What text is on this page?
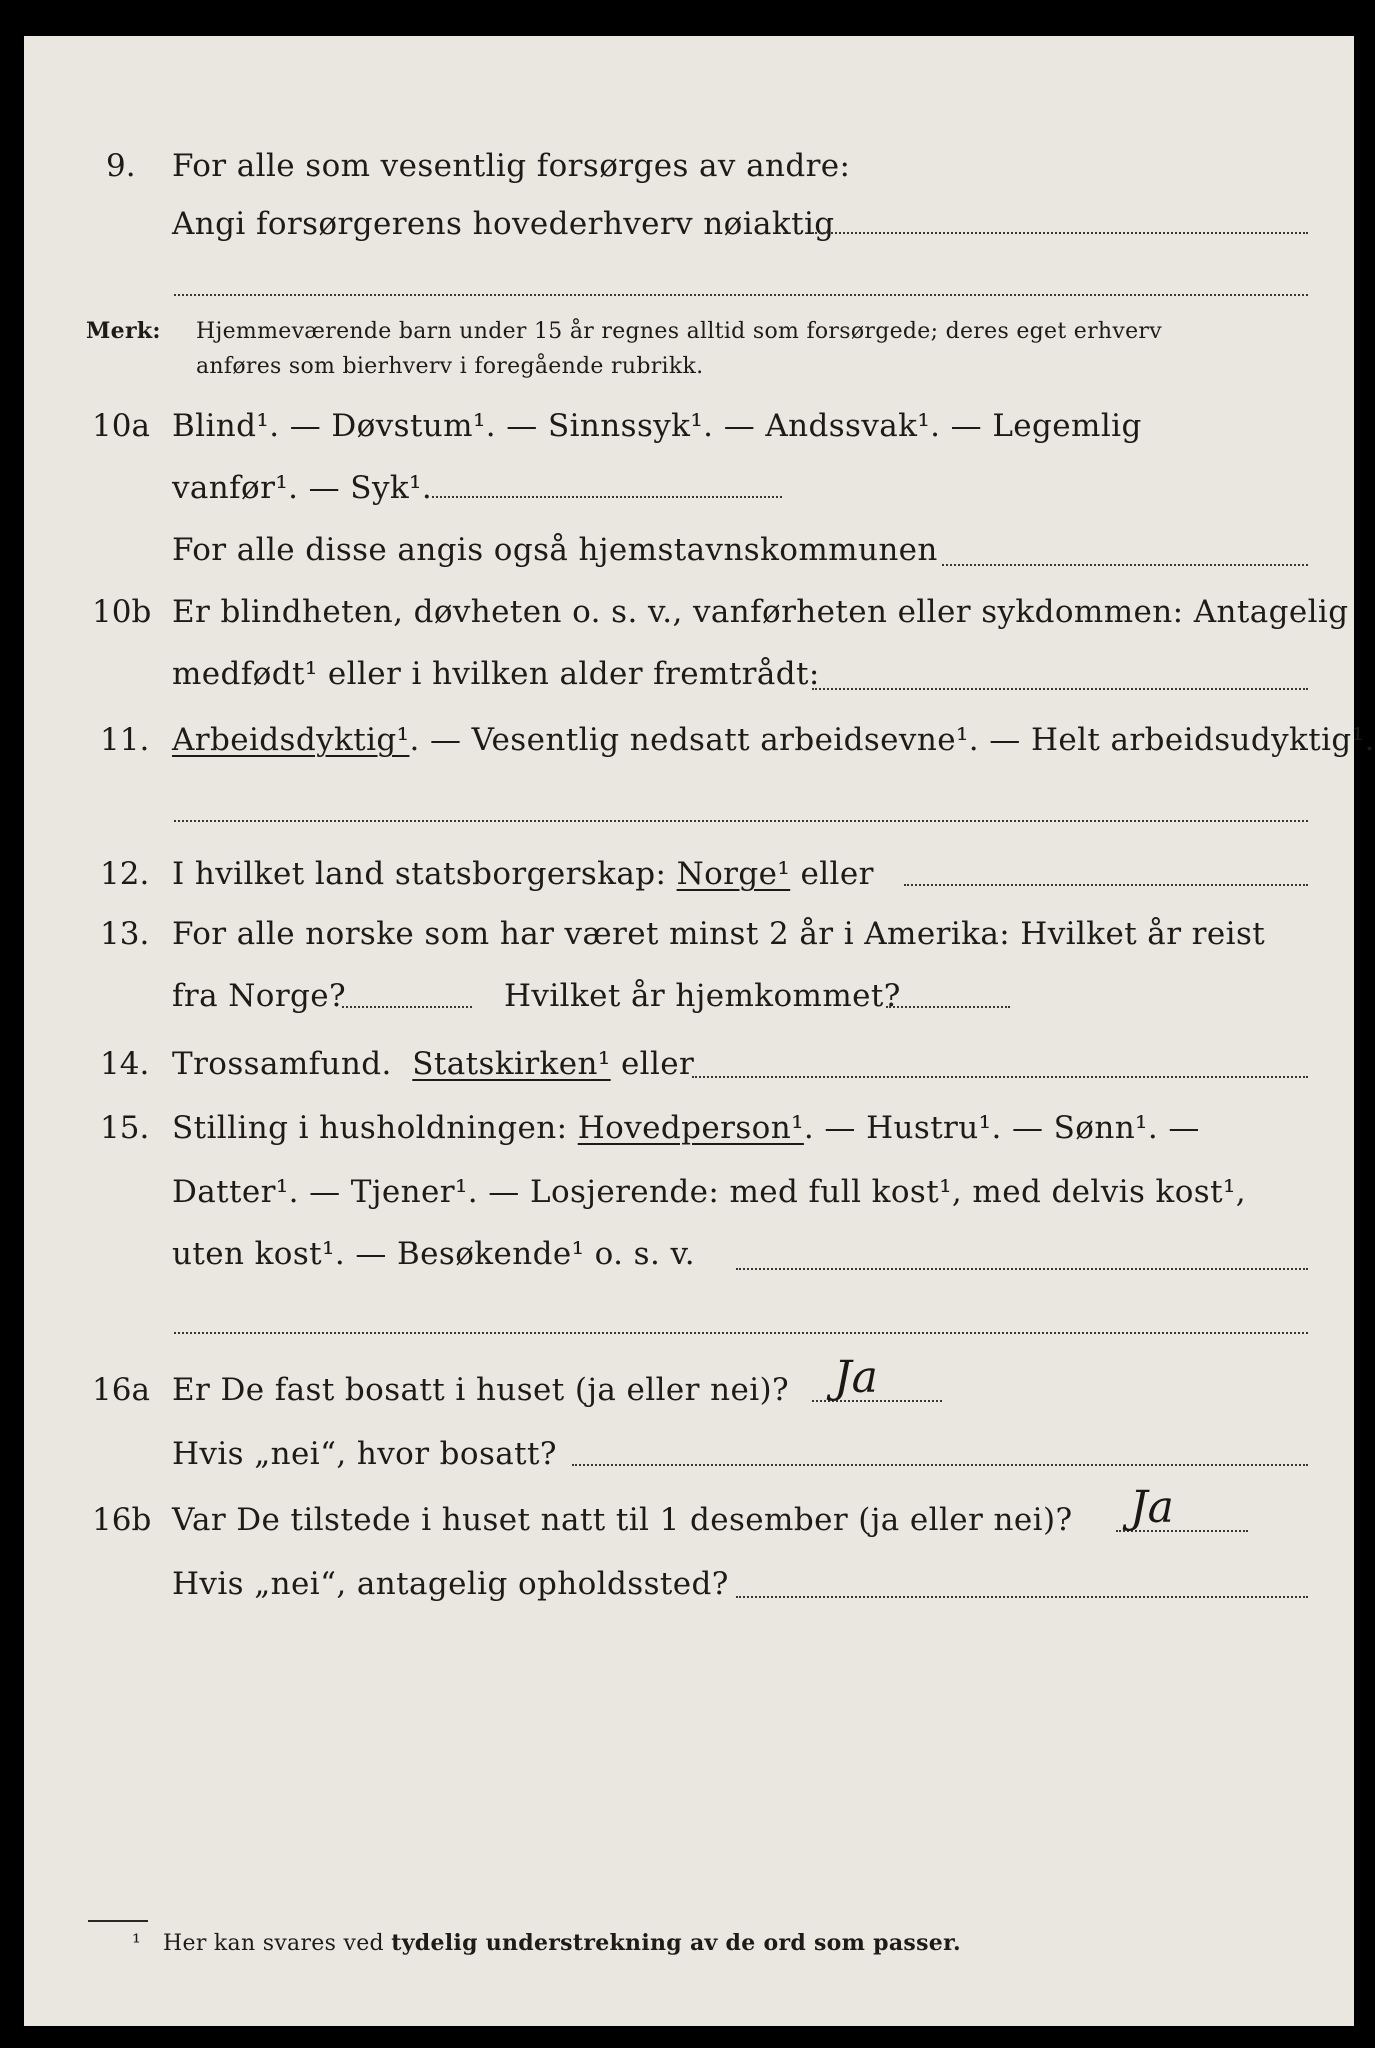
9. For alle som vesentlig forsørges av andre:
Angi forsørgerens hovederhverv nøiaktig
Merk: Hjemmeværende barn under 15 år regnes alltid som forsørgede; deres eget erhverv
anføres som bierhverv i foregående rubrikk.
10a Blind¹. — Døvstum¹. — Sinnssyk¹. — Andssvak¹. — Legemlig
vanfør¹. — Syk¹.
For alle disse angis også hjemstavnskommunen
10b Er blindheten, døvheten o. s. v., vanførheten eller sykdommen: Antagelig
medfødt¹ eller i hvilken alder fremtrådt:
11. Arbeidsdyktig¹. — Vesentlig nedsatt arbeidsevne¹. — Helt arbeidsudyktig¹.
12. I hvilket land statsborgerskap: Norge¹ eller
13. For alle norske som har været minst 2 år i Amerika: Hvilket år reist
fra Norge?	Hvilket år hjemkommet?
14. Trossamfund. Statskirken¹ eller
15. Stilling i husholdningen: Hovedperson¹. — Hustru¹. — Sønn¹. —
Datter¹. — Tjener¹. — Losjerende: med full kost¹, med delvis kost¹,
uten kost¹. — Besøkende¹ o. s. v.
16a Er De fast bosatt i huset (ja eller nei)? Ja
Hvis „nei“, hvor bosatt?
16b Var De tilstede i huset natt til 1 desember (ja eller nei)? Ja
Hvis „nei“, antagelig opholdssted?
¹ Her kan svares ved tydelig understrekning av de ord som passer.
